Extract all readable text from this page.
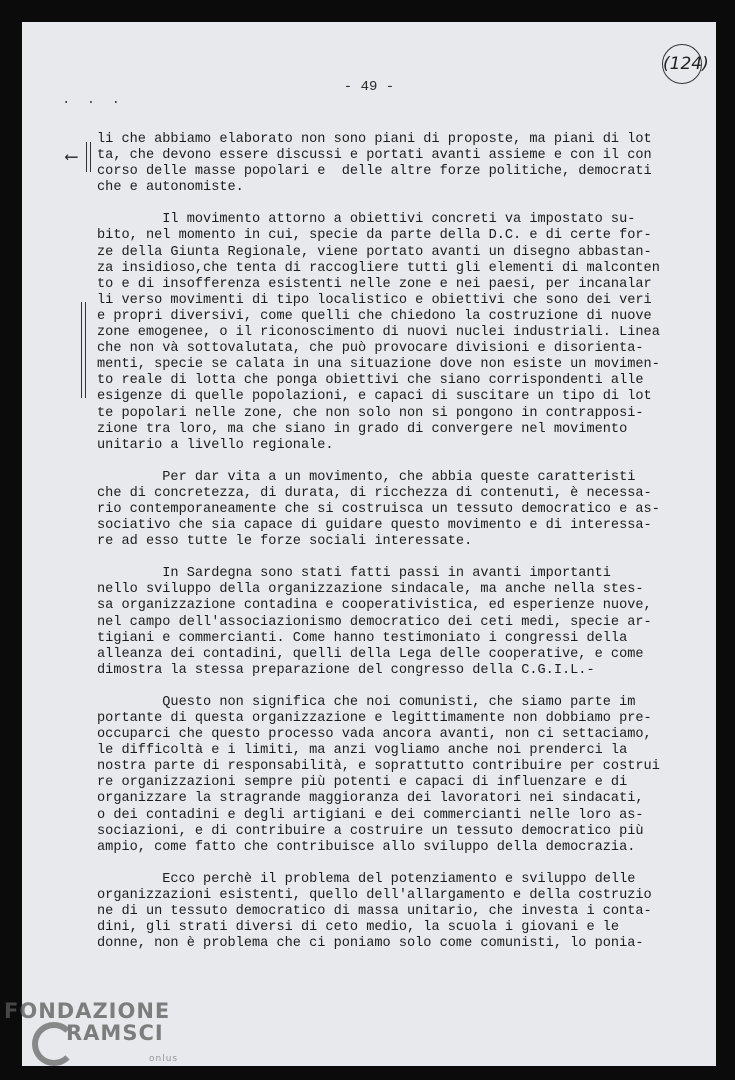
- 49 -
(124)
. . .
⟵
li che abbiamo elaborato non sono piani di proposte, ma piani di lot
ta, che devono essere discussi e portati avanti assieme e con il con
corso delle masse popolari e  delle altre forze politiche, democrati
che e autonomiste.
Il movimento attorno a obiettivi concreti va impostato su-
bito, nel momento in cui, specie da parte della D.C. e di certe for-
ze della Giunta Regionale, viene portato avanti un disegno abbastan-
za insidioso,che tenta di raccogliere tutti gli elementi di malconten
to e di insofferenza esistenti nelle zone e nei paesi, per incanalar
li verso movimenti di tipo localistico e obiettivi che sono dei veri
e propri diversivi, come quelli che chiedono la costruzione di nuove
zone emogenee, o il riconoscimento di nuovi nuclei industriali. Linea
che non và sottovalutata, che può provocare divisioni e disorienta-
menti, specie se calata in una situazione dove non esiste un movimen-
to reale di lotta che ponga obiettivi che siano corrispondenti alle
esigenze di quelle popolazioni, e capaci di suscitare un tipo di lot
te popolari nelle zone, che non solo non si pongono in contrapposi-
zione tra loro, ma che siano in grado di convergere nel movimento
unitario a livello regionale.
Per dar vita a un movimento, che abbia queste caratteristi
che di concretezza, di durata, di ricchezza di contenuti, è necessa-
rio contemporaneamente che si costruisca un tessuto democratico e as-
sociativo che sia capace di guidare questo movimento e di interessa-
re ad esso tutte le forze sociali interessate.
In Sardegna sono stati fatti passi in avanti importanti
nello sviluppo della organizzazione sindacale, ma anche nella stes-
sa organizzazione contadina e cooperativistica, ed esperienze nuove,
nel campo dell'associazionismo democratico dei ceti medi, specie ar-
tigiani e commercianti. Come hanno testimoniato i congressi della
alleanza dei contadini, quelli della Lega delle cooperative, e come
dimostra la stessa preparazione del congresso della C.G.I.L.-
Questo non significa che noi comunisti, che siamo parte im
portante di questa organizzazione e legittimamente non dobbiamo pre-
occuparci che questo processo vada ancora avanti, non ci settaciamo,
le difficoltà e i limiti, ma anzi vogliamo anche noi prenderci la
nostra parte di responsabilità, e soprattutto contribuire per costrui
re organizzazioni sempre più potenti e capaci di influenzare e di
organizzare la stragrande maggioranza dei lavoratori nei sindacati,
o dei contadini e degli artigiani e dei commercianti nelle loro as-
sociazioni, e di contribuire a costruire un tessuto democratico più
ampio, come fatto che contribuisce allo sviluppo della democrazia.
Ecco perchè il problema del potenziamento e sviluppo delle
organizzazioni esistenti, quello dell'allargamento e della costruzio
ne di un tessuto democratico di massa unitario, che investa i conta-
dini, gli strati diversi di ceto medio, la scuola i giovani e le
donne, non è problema che ci poniamo solo come comunisti, lo ponia-
FONDAZIONE
RAMSCI
onlus
